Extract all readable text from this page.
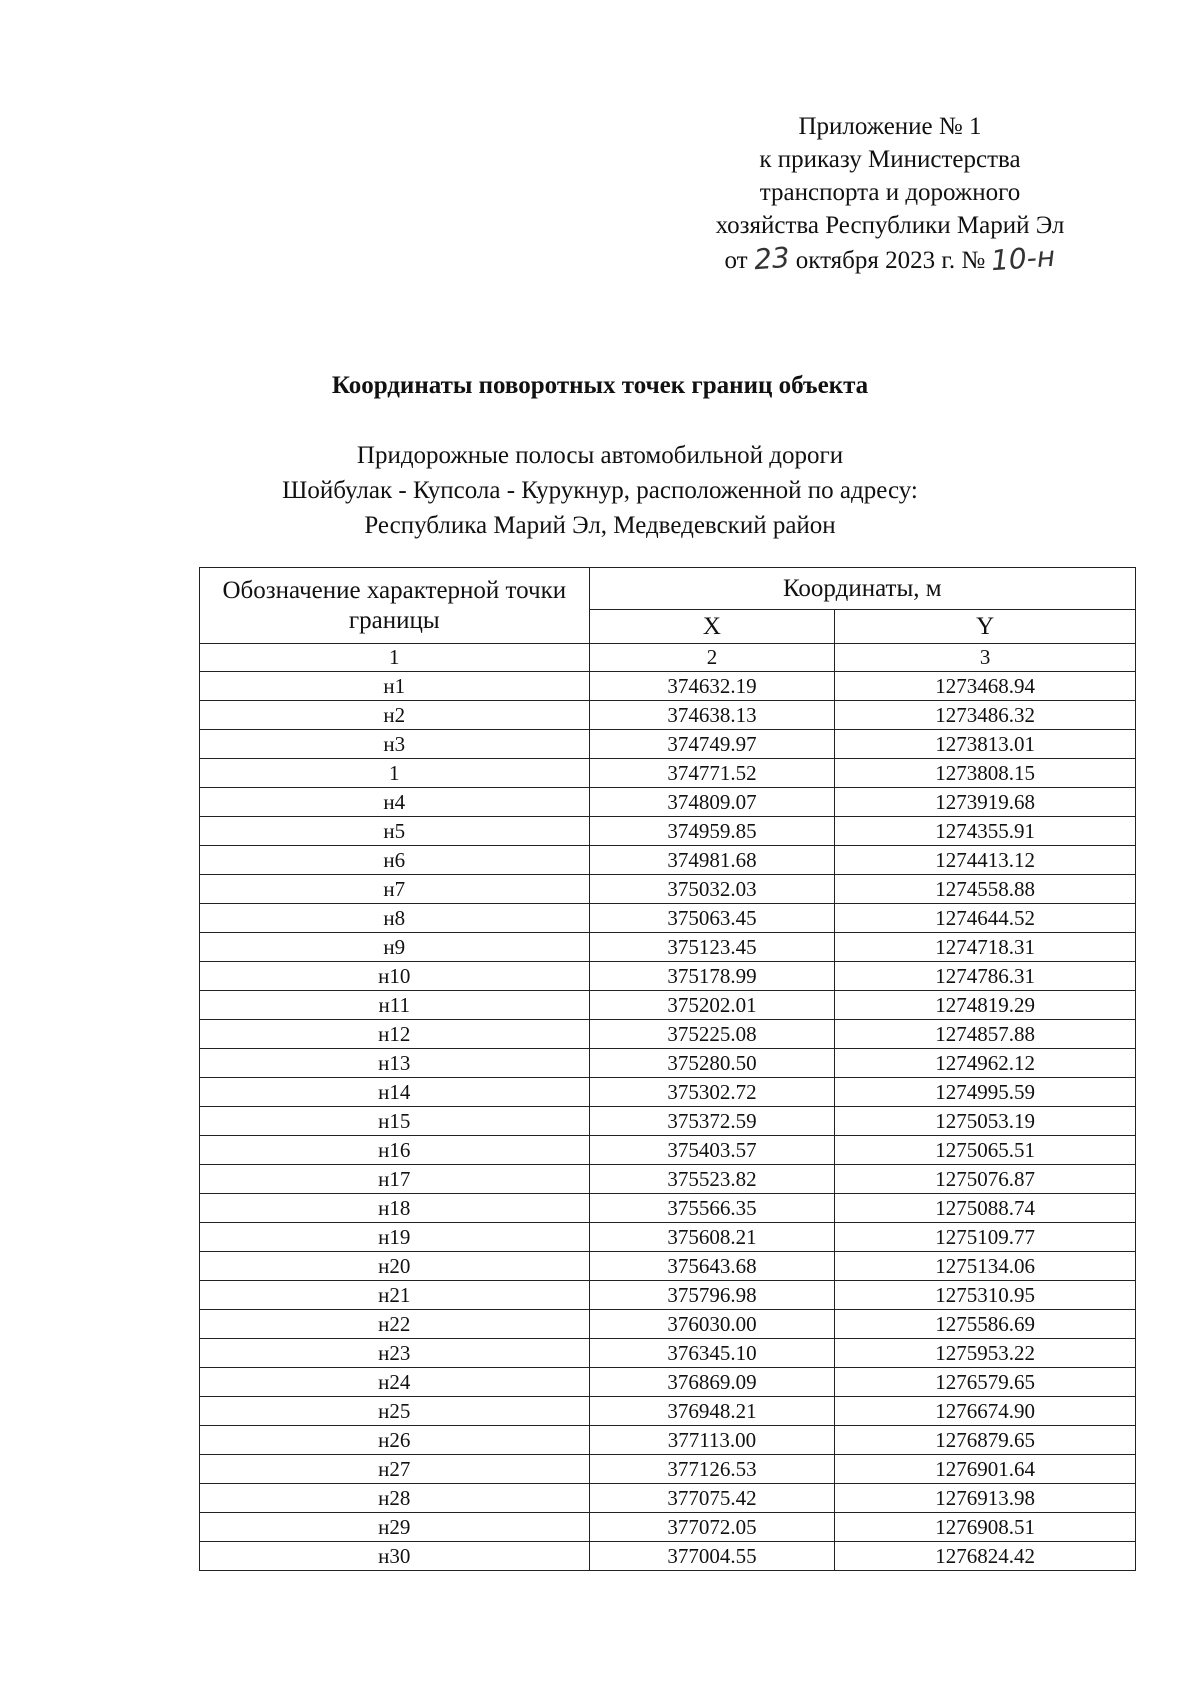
Приложение № 1
к приказу Министерства
транспорта и дорожного
хозяйства Республики Марий Эл
от 23 октября 2023 г. № 10-н
Координаты поворотных точек границ объекта
Придорожные полосы автомобильной дороги
Шойбулак - Купсола - Курукнур, расположенной по адресу:
Республика Марий Эл, Медведевский район
Обозначение характерной точки границы	Координаты, м	
	X	Y
1	2	3
н1	374632.19	1273468.94
н2	374638.13	1273486.32
н3	374749.97	1273813.01
1	374771.52	1273808.15
н4	374809.07	1273919.68
н5	374959.85	1274355.91
н6	374981.68	1274413.12
н7	375032.03	1274558.88
н8	375063.45	1274644.52
н9	375123.45	1274718.31
н10	375178.99	1274786.31
н11	375202.01	1274819.29
н12	375225.08	1274857.88
н13	375280.50	1274962.12
н14	375302.72	1274995.59
н15	375372.59	1275053.19
н16	375403.57	1275065.51
н17	375523.82	1275076.87
н18	375566.35	1275088.74
н19	375608.21	1275109.77
н20	375643.68	1275134.06
н21	375796.98	1275310.95
н22	376030.00	1275586.69
н23	376345.10	1275953.22
н24	376869.09	1276579.65
н25	376948.21	1276674.90
н26	377113.00	1276879.65
н27	377126.53	1276901.64
н28	377075.42	1276913.98
н29	377072.05	1276908.51
н30	377004.55	1276824.42
